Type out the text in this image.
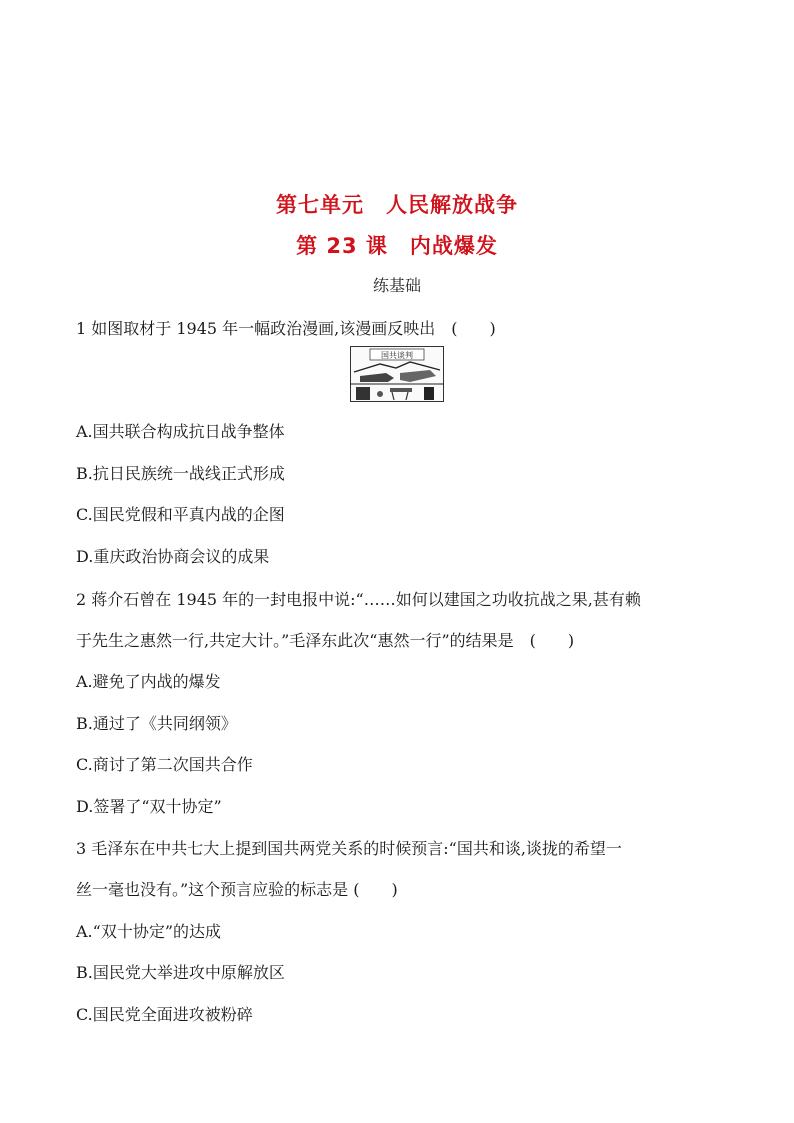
第七单元　人民解放战争
第 23 课　内战爆发
练基础
1 如图取材于 1945 年一幅政治漫画,该漫画反映出　(　　)
国共谈判
A.国共联合构成抗日战争整体
B.抗日民族统一战线正式形成
C.国民党假和平真内战的企图
D.重庆政治协商会议的成果
2 蒋介石曾在 1945 年的一封电报中说:“……如何以建国之功收抗战之果,甚有赖
于先生之惠然一行,共定大计。”毛泽东此次“惠然一行”的结果是　(　　)
A.避免了内战的爆发
B.通过了《共同纲领》
C.商讨了第二次国共合作
D.签署了“双十协定”
3 毛泽东在中共七大上提到国共两党关系的时候预言:“国共和谈,谈拢的希望一
丝一毫也没有。”这个预言应验的标志是 (　　)
A.“双十协定”的达成
B.国民党大举进攻中原解放区
C.国民党全面进攻被粉碎
